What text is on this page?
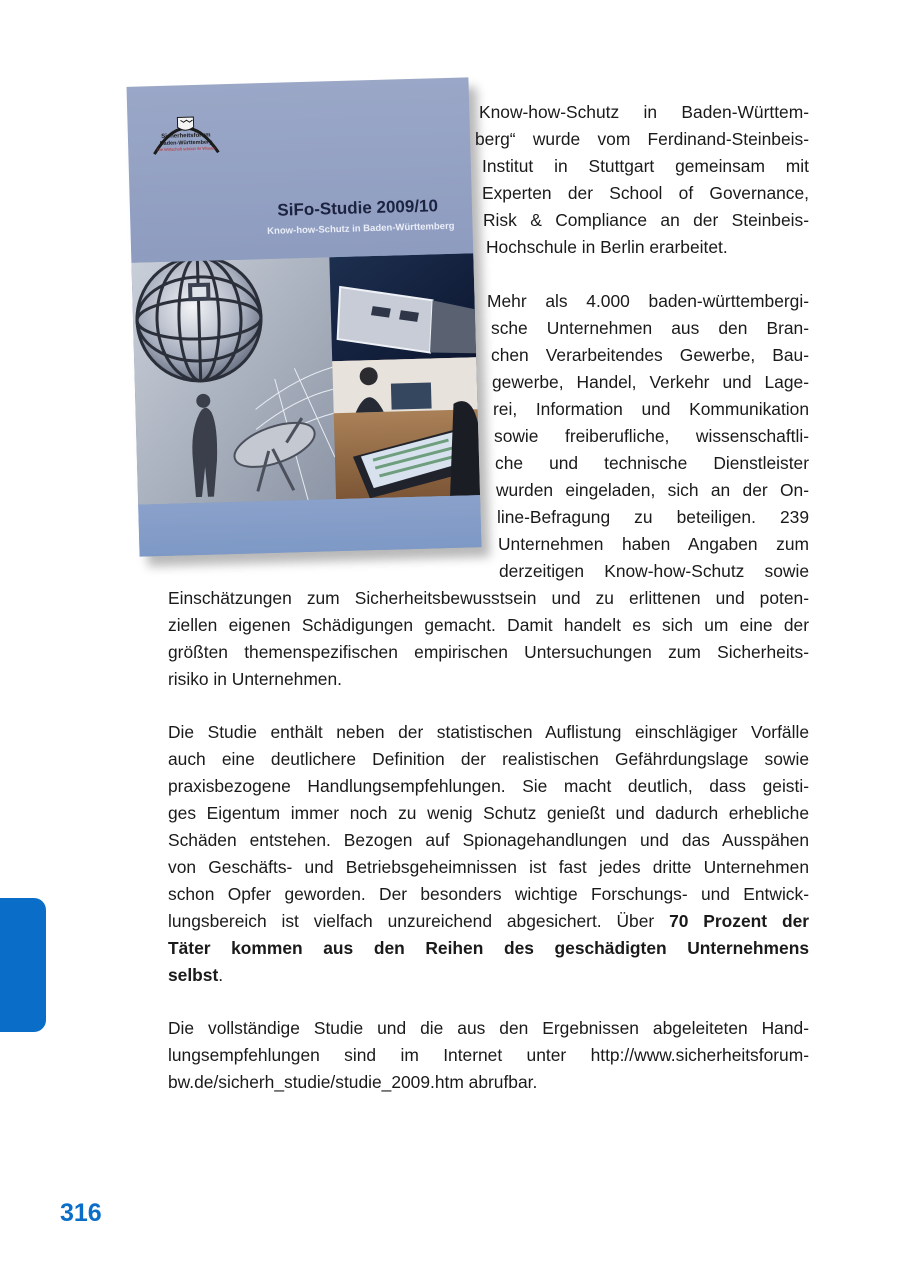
Sicherheitsforum
Baden-Württemberg
Die Wirtschaft schützt ihr Wissen
SiFo-Studie 2009/10
Know-how-Schutz in Baden-Württemberg
Know-how-Schutz in Baden-Württem-
berg“ wurde vom Ferdinand-Steinbeis-
Institut in Stuttgart gemeinsam mit
Experten der School of Governance,
Risk & Compliance an der Steinbeis-
Hochschule in Berlin erarbeitet.
Mehr als 4.000 baden-württembergi-
sche Unternehmen aus den Bran-
chen Verarbeitendes Gewerbe, Bau-
gewerbe, Handel, Verkehr und Lage-
rei, Information und Kommunikation
sowie freiberufliche, wissenschaftli-
che und technische Dienstleister
wurden eingeladen, sich an der On-
line-Befragung zu beteiligen. 239
Unternehmen haben Angaben zum
derzeitigen Know-how-Schutz sowie
Einschätzungen zum Sicherheitsbewusstsein und zu erlittenen und poten-
ziellen eigenen Schädigungen gemacht. Damit handelt es sich um eine der
größten themenspezifischen empirischen Untersuchungen zum Sicherheits-
risiko in Unternehmen.
Die Studie enthält neben der statistischen Auflistung einschlägiger Vorfälle
auch eine deutlichere Definition der realistischen Gefährdungslage sowie
praxisbezogene Handlungsempfehlungen. Sie macht deutlich, dass geisti-
ges Eigentum immer noch zu wenig Schutz genießt und dadurch erhebliche
Schäden entstehen. Bezogen auf Spionagehandlungen und das Ausspähen
von Geschäfts- und Betriebsgeheimnissen ist fast jedes dritte Unternehmen
schon Opfer geworden. Der besonders wichtige Forschungs- und Entwick-
lungsbereich ist vielfach unzureichend abgesichert. Über 70 Prozent der
Täter kommen aus den Reihen des geschädigten Unternehmens
selbst.
Die vollständige Studie und die aus den Ergebnissen abgeleiteten Hand-
lungsempfehlungen sind im Internet unter http://www.sicherheitsforum-
bw.de/sicherh_studie/studie_2009.htm abrufbar.
316
